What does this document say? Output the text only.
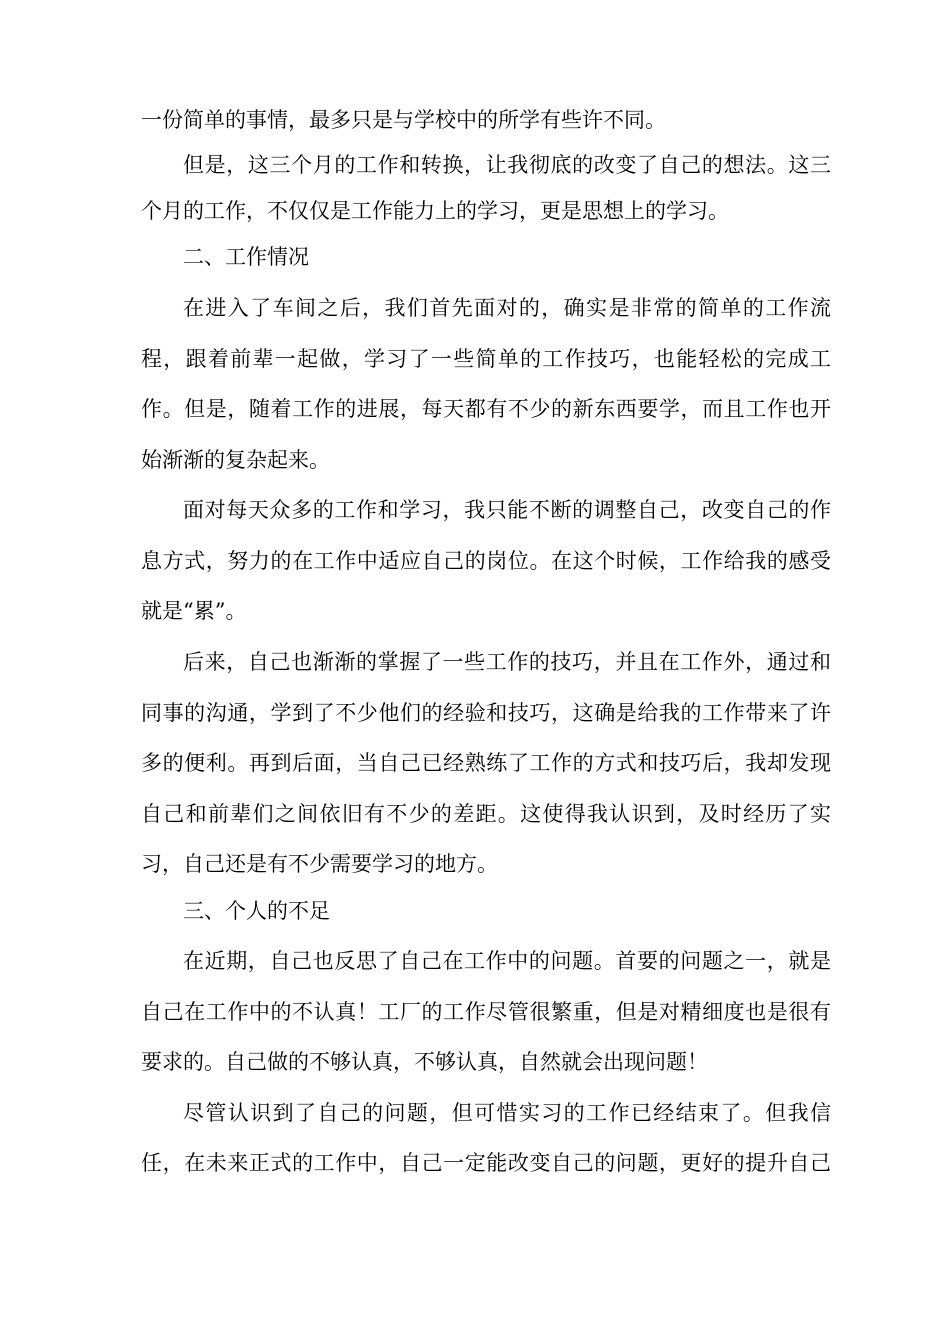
一份简单的事情，最多只是与学校中的所学有些许不同。
但是，这三个月的工作和转换，让我彻底的改变了自己的想法。这三
个月的工作，不仅仅是工作能力上的学习，更是思想上的学习。
二、工作情况
在进入了车间之后，我们首先面对的，确实是非常的简单的工作流
程，跟着前辈一起做，学习了一些简单的工作技巧，也能轻松的完成工
作。但是，随着工作的进展，每天都有不少的新东西要学，而且工作也开
始渐渐的复杂起来。
面对每天众多的工作和学习，我只能不断的调整自己，改变自己的作
息方式，努力的在工作中适应自己的岗位。在这个时候，工作给我的感受
就是“累”。
后来，自己也渐渐的掌握了一些工作的技巧，并且在工作外，通过和
同事的沟通，学到了不少他们的经验和技巧，这确是给我的工作带来了许
多的便利。再到后面，当自己已经熟练了工作的方式和技巧后，我却发现
自己和前辈们之间依旧有不少的差距。这使得我认识到，及时经历了实
习，自己还是有不少需要学习的地方。
三、个人的不足
在近期，自己也反思了自己在工作中的问题。首要的问题之一，就是
自己在工作中的不认真！工厂的工作尽管很繁重，但是对精细度也是很有
要求的。自己做的不够认真，不够认真，自然就会出现问题！
尽管认识到了自己的问题，但可惜实习的工作已经结束了。但我信
任，在未来正式的工作中，自己一定能改变自己的问题，更好的提升自己
